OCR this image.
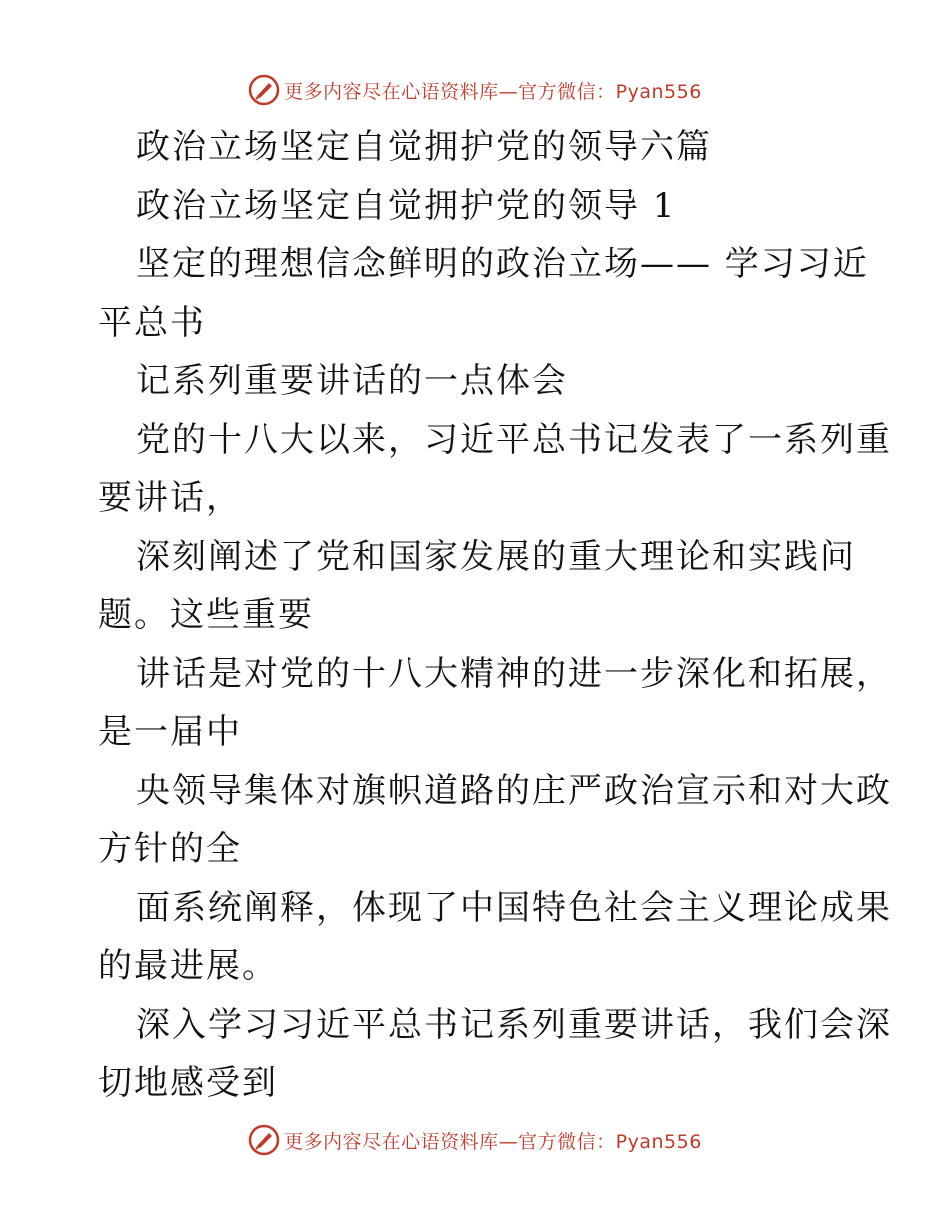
更多内容尽在心语资料库—官方微信：Pyan556
政治立场坚定自觉拥护党的领导六篇
政治立场坚定自觉拥护党的领导 1
坚定的理想信念鲜明的政治立场—— 学习习近
平总书
记系列重要讲话的一点体会
党的十八大以来，习近平总书记发表了一系列重
要讲话，
深刻阐述了党和国家发展的重大理论和实践问
题。这些重要
讲话是对党的十八大精神的进一步深化和拓展，
是一届中
央领导集体对旗帜道路的庄严政治宣示和对大政
方针的全
面系统阐释，体现了中国特色社会主义理论成果
的最进展。
深入学习习近平总书记系列重要讲话，我们会深
切地感受到
更多内容尽在心语资料库—官方微信：Pyan556
